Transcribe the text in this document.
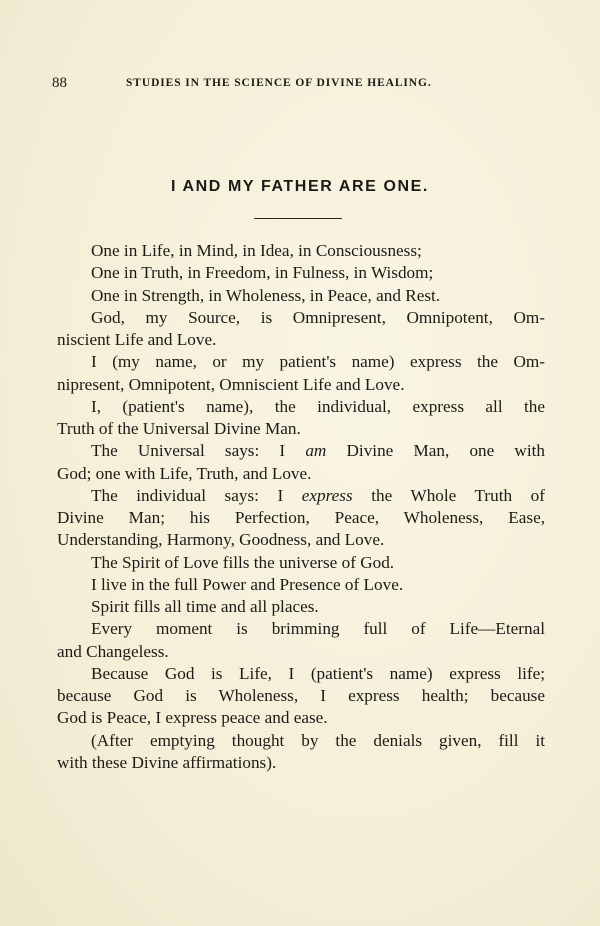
88	STUDIES IN THE SCIENCE OF DIVINE HEALING.
I AND MY FATHER ARE ONE.
One in Life, in Mind, in Idea, in Consciousness;
One in Truth, in Freedom, in Fulness, in Wisdom;
One in Strength, in Wholeness, in Peace, and Rest.
God, my Source, is Omnipresent, Omnipotent, Om-
niscient Life and Love.
I (my name, or my patient's name) express the Om-
nipresent, Omnipotent, Omniscient Life and Love.
I, (patient's name), the individual, express all the
Truth of the Universal Divine Man.
The Universal says: I am Divine Man, one with
God; one with Life, Truth, and Love.
The individual says: I express the Whole Truth of
Divine Man; his Perfection, Peace, Wholeness, Ease,
Understanding, Harmony, Goodness, and Love.
The Spirit of Love fills the universe of God.
I live in the full Power and Presence of Love.
Spirit fills all time and all places.
Every moment is brimming full of Life—Eternal
and Changeless.
Because God is Life, I (patient's name) express life;
because God is Wholeness, I express health; because
God is Peace, I express peace and ease.
(After emptying thought by the denials given, fill it
with these Divine affirmations).
